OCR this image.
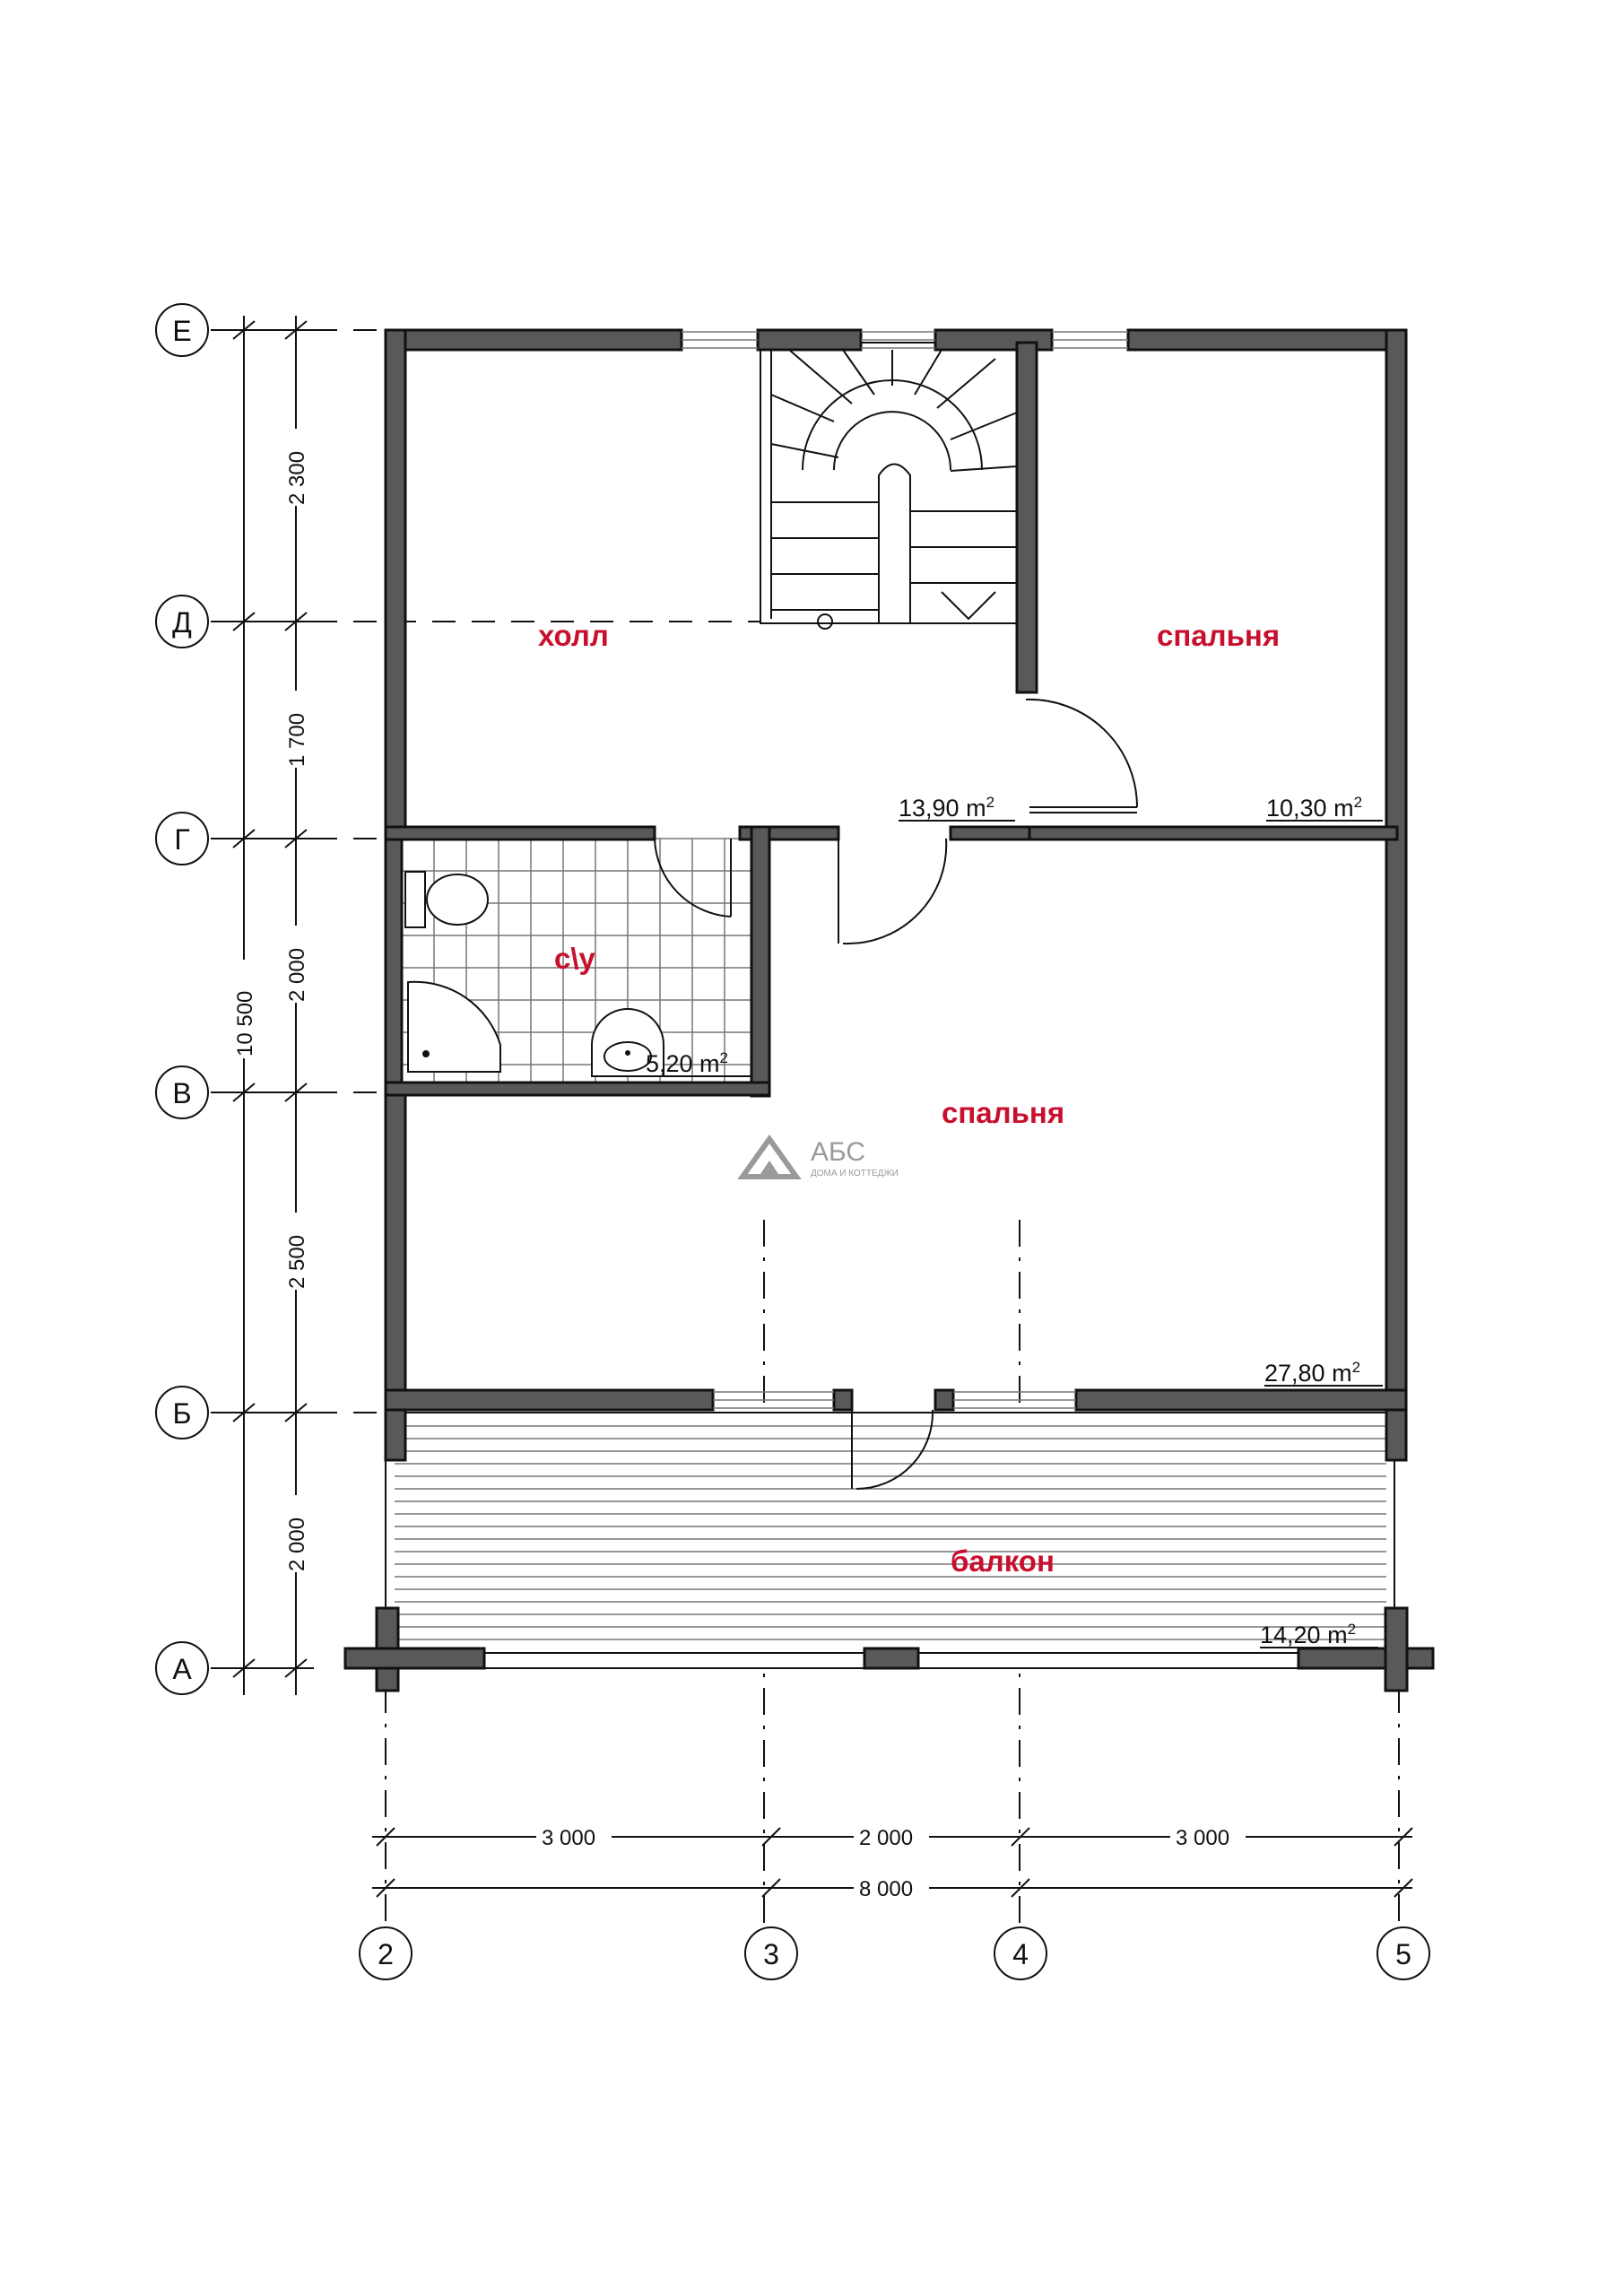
холл	спальня
с\у
спальня
балкон
13,90 $m^2$	10,30 $m^2$
5,20 $m^2$
27,80 $m^2$
14,20 $m^2$
АБС
ДОМА И КОТТЕДЖИ
2 300
1 700
2 000
2 500
2 000
10 500
3 000	2 000	3 000
8 000
Е
Д
Г
В
Б
А
2	3	4	5
